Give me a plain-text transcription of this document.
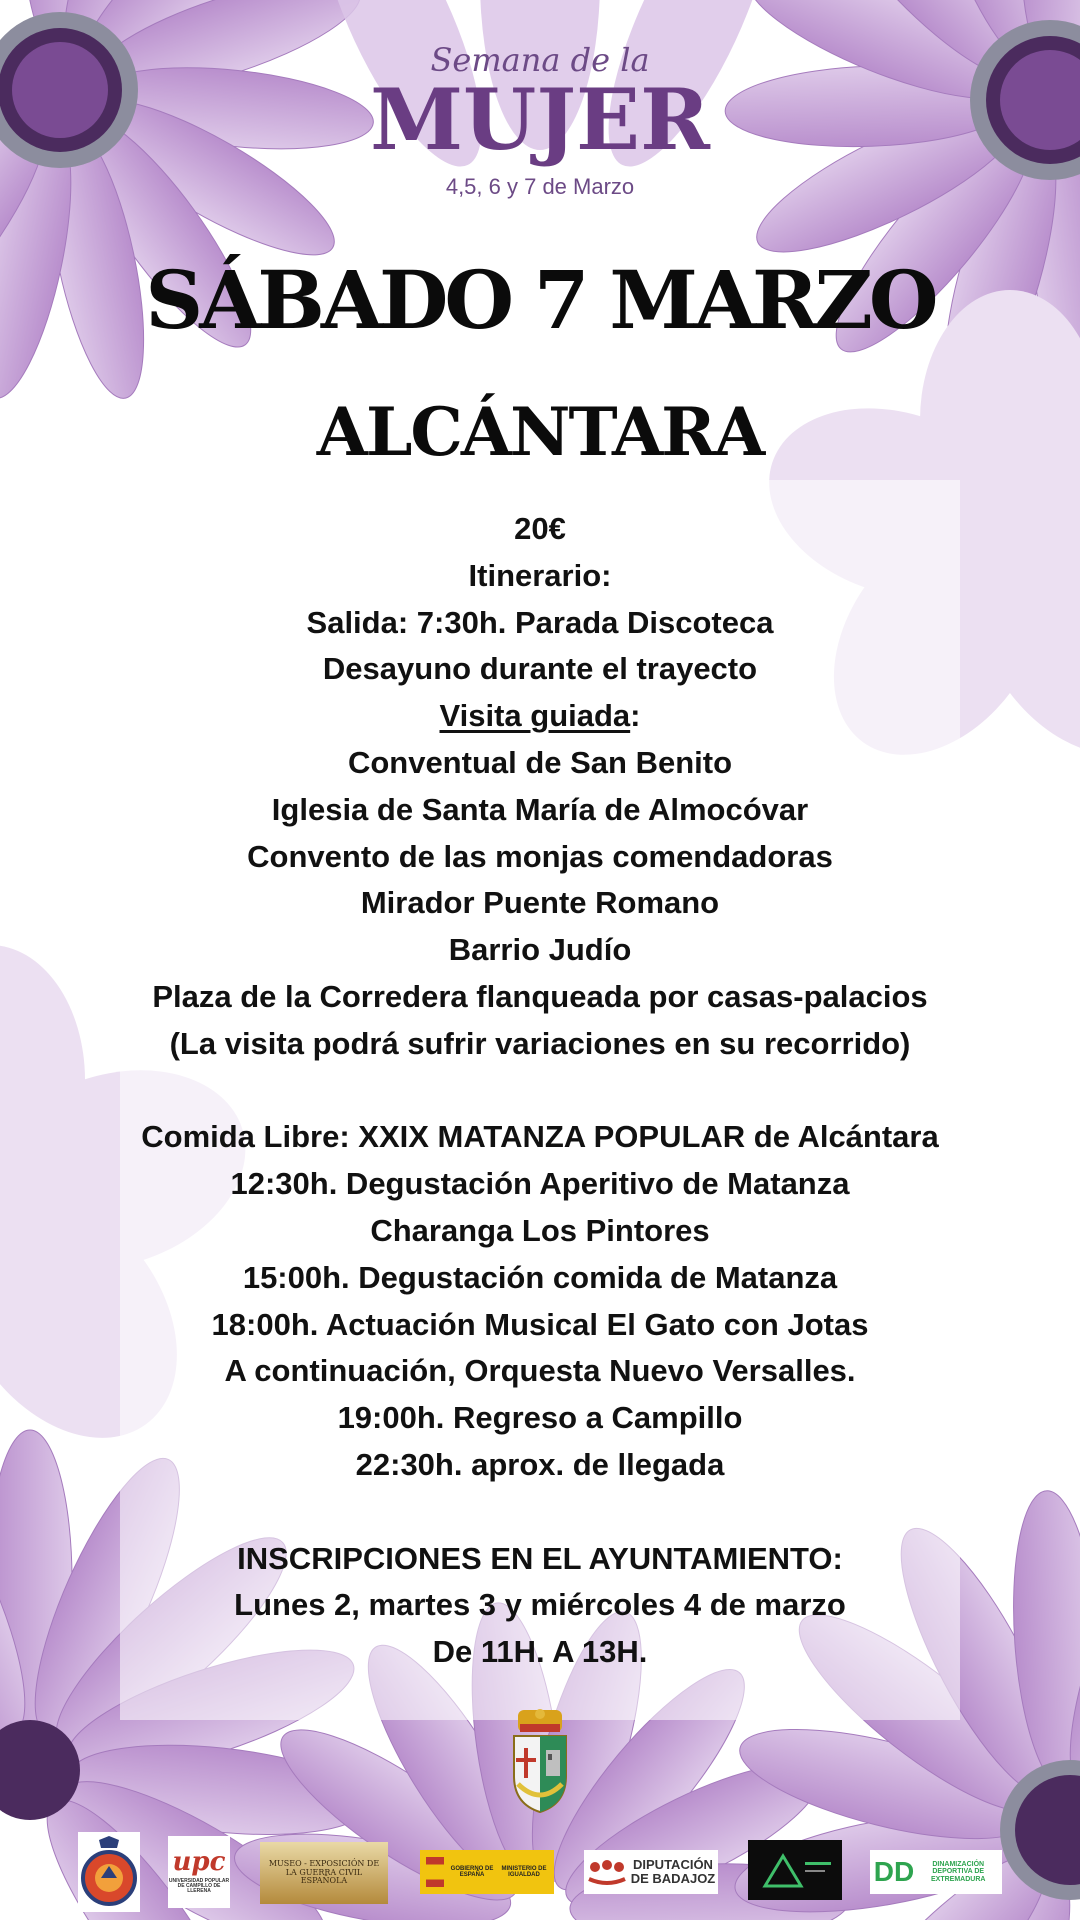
Semana de la
MUJER
4,5, 6 y 7 de Marzo
SÁBADO 7 MARZO
ALCÁNTARA
20€
Itinerario:
Salida: 7:30h. Parada Discoteca
Desayuno durante el trayecto
Visita guiada:
Conventual de San Benito
Iglesia de Santa María de Almocóvar
Convento de las monjas comendadoras
Mirador Puente Romano
Barrio Judío
Plaza de la Corredera flanqueada por casas-palacios
(La visita podrá sufrir variaciones en su recorrido)
Comida Libre: XXIX MATANZA POPULAR de Alcántara
12:30h. Degustación Aperitivo de Matanza
Charanga Los Pintores
15:00h. Degustación comida de Matanza
18:00h. Actuación Musical El Gato con Jotas
A continuación, Orquesta Nuevo Versalles.
19:00h. Regreso a Campillo
22:30h. aprox. de llegada
INSCRIPCIONES EN EL AYUNTAMIENTO:
Lunes 2, martes 3 y miércoles 4 de marzo
De 11H. A 13H.
upc
UNIVERSIDAD POPULAR DE CAMPILLO DE LLERENA
MUSEO - EXPOSICIÓN DE LA GUERRA CIVIL ESPAÑOLA
GOBIERNO DE ESPAÑA
MINISTERIO DE IGUALDAD
DIPUTACIÓN
DE BADAJOZ	DD	DINAMIZACIÓN DEPORTIVA DE EXTREMADURA
